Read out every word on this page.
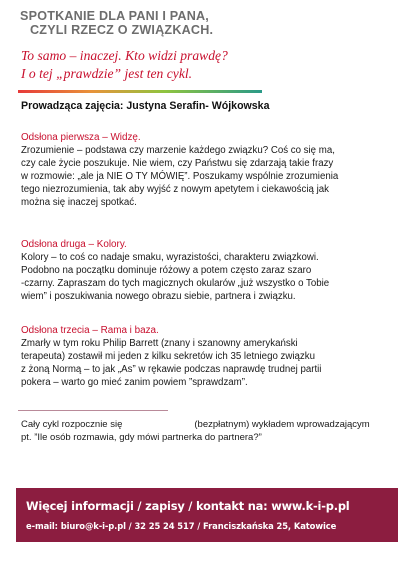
SPOTKANIE DLA PANI I PANA,
CZYLI RZECZ O ZWIĄZKACH.
To samo – inaczej. Kto widzi prawdę?
I o tej „prawdzie” jest ten cykl.
Prowadząca zajęcia: Justyna Serafin- Wójkowska
Odsłona pierwsza – Widzę.
Zrozumienie – podstawa czy marzenie każdego związku? Coś co się ma,
czy cale życie poszukuje. Nie wiem, czy Państwu się zdarzają takie frazy
w rozmowie: „ale ja NIE O TY MÓWIĘ”. Poszukamy wspólnie zrozumienia
tego niezrozumienia, tak aby wyjść z nowym apetytem i ciekawością jak
można się inaczej spotkać.
Odsłona druga – Kolory.
Kolory – to coś co nadaje smaku, wyrazistości, charakteru związkowi.
Podobno na początku dominuje różowy a potem często zaraz szaro
-czarny. Zapraszam do tych magicznych okularów „już wszystko o Tobie
wiem” i poszukiwania nowego obrazu siebie, partnera i związku.
Odsłona trzecia – Rama i baza.
Zmarły w tym roku Philip Barrett (znany i szanowny amerykański
terapeuta) zostawił mi jeden z kilku sekretów ich 35 letniego związku
z żoną Normą – to jak „As” w rękawie podczas naprawdę trudnej partii
pokera – warto go mieć zanim powiem ”sprawdzam”.
Cały cykl rozpocznie się	(bezpłatnym) wykładem wprowadzającym
pt. ”Ile osób rozmawia, gdy mówi partnerka do partnera?”
Więcej informacji / zapisy / kontakt na: www.k-i-p.pl
e-mail: biuro@k-i-p.pl / 32 25 24 517 / Franciszkańska 25, Katowice
